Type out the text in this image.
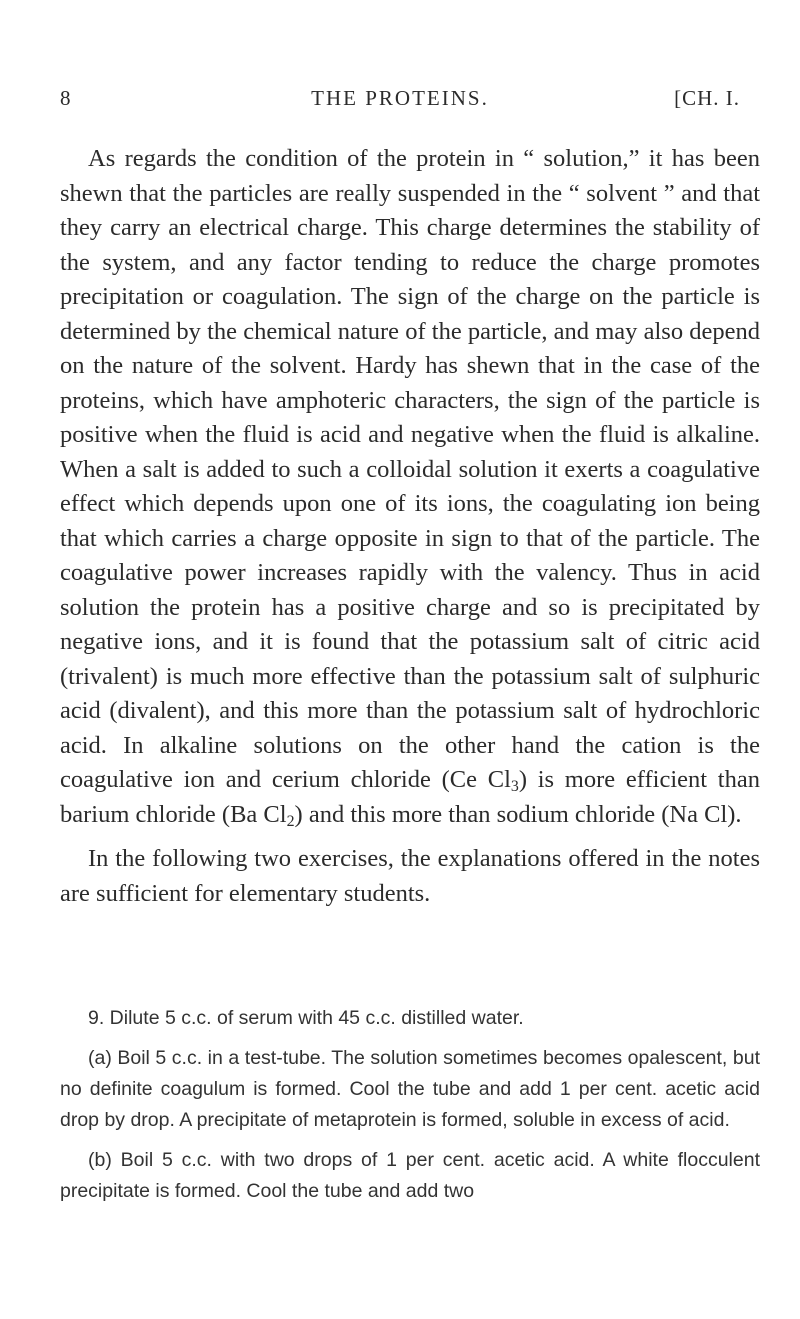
8	THE PROTEINS.	[CH. I.

As regards the condition of the protein in “ solution,” it has been shewn that the particles are really suspended in the “ solvent ” and that they carry an electrical charge. This charge determines the stability of the system, and any factor tending to reduce the charge promotes precipitation or coagulation. The sign of the charge on the particle is determined by the chemical nature of the particle, and may also depend on the nature of the solvent. Hardy has shewn that in the case of the proteins, which have amphoteric characters, the sign of the particle is positive when the fluid is acid and negative when the fluid is alkaline. When a salt is added to such a colloidal solution it exerts a coagulative effect which depends upon one of its ions, the coagulating ion being that which carries a charge opposite in sign to that of the particle. The coagulative power increases rapidly with the valency. Thus in acid solution the protein has a positive charge and so is precipitated by negative ions, and it is found that the potassium salt of citric acid (trivalent) is much more effective than the potassium salt of sulphuric acid (divalent), and this more than the potassium salt of hydrochloric acid. In alkaline solutions on the other hand the cation is the coagulative ion and cerium chloride (Ce $Cl_3$) is more efficient than barium chloride (Ba $Cl_2$) and this more than sodium chloride (Na Cl).

In the following two exercises, the explanations offered in the notes are sufficient for elementary students.

9. Dilute 5 c.c. of serum with 45 c.c. distilled water.

(a) Boil 5 c.c. in a test-tube. The solution sometimes becomes opalescent, but no definite coagulum is formed. Cool the tube and add 1 per cent. acetic acid drop by drop. A precipitate of metaprotein is formed, soluble in excess of acid.

(b) Boil 5 c.c. with two drops of 1 per cent. acetic acid. A white flocculent precipitate is formed. Cool the tube and add two
